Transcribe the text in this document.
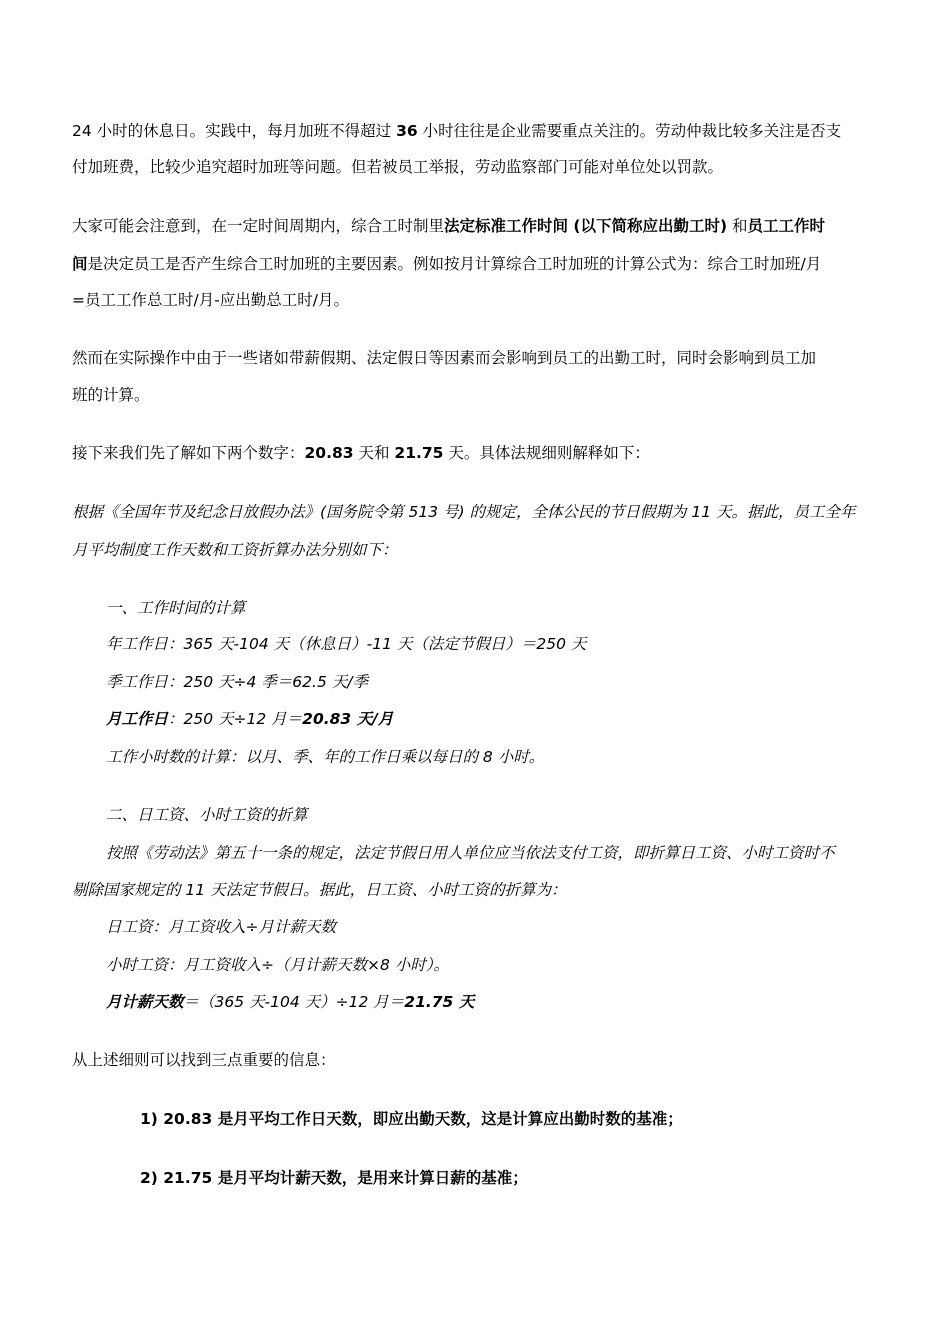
24 小时的休息日。实践中，每月加班不得超过 36 小时往往是企业需要重点关注的。劳动仲裁比较多关注是否支
付加班费，比较少追究超时加班等问题。但若被员工举报，劳动监察部门可能对单位处以罚款。
大家可能会注意到，在一定时间周期内，综合工时制里法定标准工作时间 (以下简称应出勤工时) 和员工工作时
间是决定员工是否产生综合工时加班的主要因素。例如按月计算综合工时加班的计算公式为：综合工时加班/月
=员工工作总工时/月-应出勤总工时/月。
然而在实际操作中由于一些诸如带薪假期、法定假日等因素而会影响到员工的出勤工时，同时会影响到员工加
班的计算。
接下来我们先了解如下两个数字：20.83 天和 21.75 天。具体法规细则解释如下：
根据《全国年节及纪念日放假办法》(国务院令第 513 号) 的规定，全体公民的节日假期为 11 天。据此，员工全年
月平均制度工作天数和工资折算办法分别如下：
一、工作时间的计算
年工作日：365 天-104 天（休息日）-11 天（法定节假日）＝250 天
季工作日：250 天÷4 季＝62.5 天/季
月工作日：250 天÷12 月＝20.83 天/月
工作小时数的计算：以月、季、年的工作日乘以每日的 8 小时。
二、日工资、小时工资的折算
按照《劳动法》第五十一条的规定，法定节假日用人单位应当依法支付工资，即折算日工资、小时工资时不
剔除国家规定的 11 天法定节假日。据此，日工资、小时工资的折算为：
日工资：月工资收入÷月计薪天数
小时工资：月工资收入÷（月计薪天数×8 小时）。
月计薪天数＝（365 天-104 天）÷12 月＝21.75 天
从上述细则可以找到三点重要的信息：
1) 20.83 是月平均工作日天数，即应出勤天数，这是计算应出勤时数的基准；
2) 21.75 是月平均计薪天数，是用来计算日薪的基准；
